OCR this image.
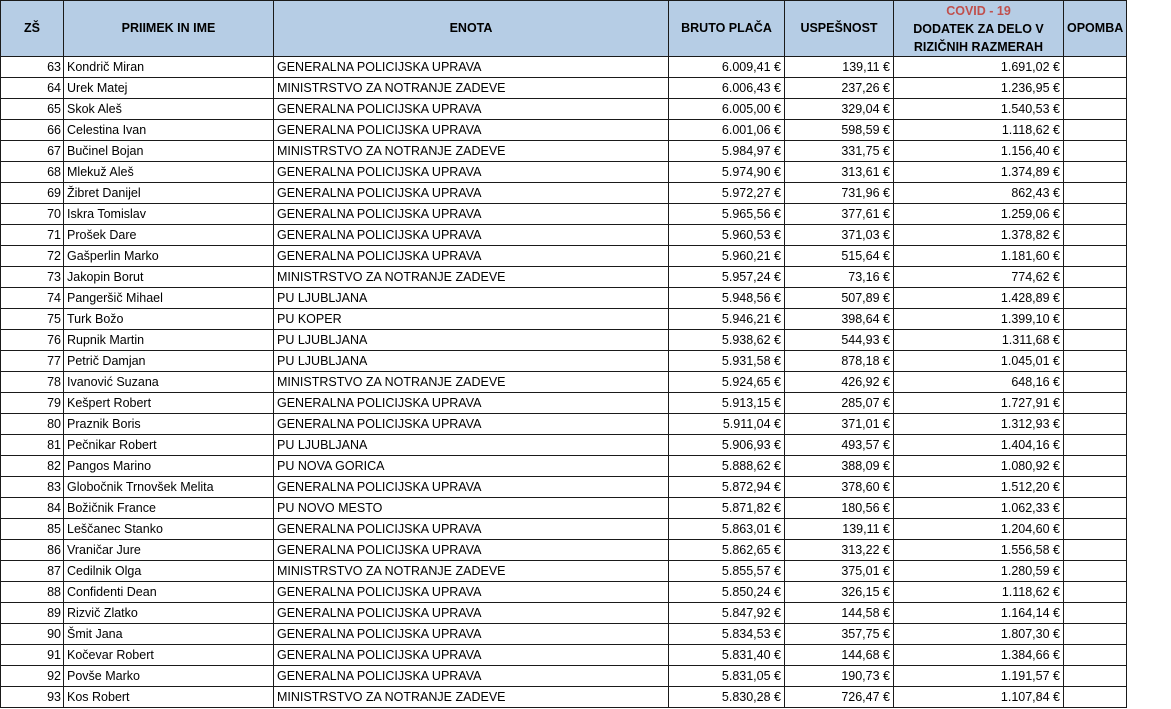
ZŠ	PRIIMEK IN IME	ENOTA	BRUTO PLAČA	USPEŠNOST	COVID - 19
DODATEK ZA DELO V
RIZIČNIH RAZMERAH	OPOMBA
63	Kondrič Miran	GENERALNA POLICIJSKA UPRAVA	6.009,41 €	139,11 €	1.691,02 €	
64	Urek Matej	MINISTRSTVO ZA NOTRANJE ZADEVE	6.006,43 €	237,26 €	1.236,95 €	
65	Skok Aleš	GENERALNA POLICIJSKA UPRAVA	6.005,00 €	329,04 €	1.540,53 €	
66	Celestina Ivan	GENERALNA POLICIJSKA UPRAVA	6.001,06 €	598,59 €	1.118,62 €	
67	Bučinel Bojan	MINISTRSTVO ZA NOTRANJE ZADEVE	5.984,97 €	331,75 €	1.156,40 €	
68	Mlekuž Aleš	GENERALNA POLICIJSKA UPRAVA	5.974,90 €	313,61 €	1.374,89 €	
69	Žibret Danijel	GENERALNA POLICIJSKA UPRAVA	5.972,27 €	731,96 €	862,43 €	
70	Iskra Tomislav	GENERALNA POLICIJSKA UPRAVA	5.965,56 €	377,61 €	1.259,06 €	
71	Prošek Dare	GENERALNA POLICIJSKA UPRAVA	5.960,53 €	371,03 €	1.378,82 €	
72	Gašperlin Marko	GENERALNA POLICIJSKA UPRAVA	5.960,21 €	515,64 €	1.181,60 €	
73	Jakopin Borut	MINISTRSTVO ZA NOTRANJE ZADEVE	5.957,24 €	73,16 €	774,62 €	
74	Pangeršič Mihael	PU LJUBLJANA	5.948,56 €	507,89 €	1.428,89 €	
75	Turk Božo	PU KOPER	5.946,21 €	398,64 €	1.399,10 €	
76	Rupnik Martin	PU LJUBLJANA	5.938,62 €	544,93 €	1.311,68 €	
77	Petrič Damjan	PU LJUBLJANA	5.931,58 €	878,18 €	1.045,01 €	
78	Ivanović Suzana	MINISTRSTVO ZA NOTRANJE ZADEVE	5.924,65 €	426,92 €	648,16 €	
79	Kešpert Robert	GENERALNA POLICIJSKA UPRAVA	5.913,15 €	285,07 €	1.727,91 €	
80	Praznik Boris	GENERALNA POLICIJSKA UPRAVA	5.911,04 €	371,01 €	1.312,93 €	
81	Pečnikar Robert	PU LJUBLJANA	5.906,93 €	493,57 €	1.404,16 €	
82	Pangos Marino	PU NOVA GORICA	5.888,62 €	388,09 €	1.080,92 €	
83	Globočnik Trnovšek Melita	GENERALNA POLICIJSKA UPRAVA	5.872,94 €	378,60 €	1.512,20 €	
84	Božičnik France	PU NOVO MESTO	5.871,82 €	180,56 €	1.062,33 €	
85	Leščanec Stanko	GENERALNA POLICIJSKA UPRAVA	5.863,01 €	139,11 €	1.204,60 €	
86	Vraničar Jure	GENERALNA POLICIJSKA UPRAVA	5.862,65 €	313,22 €	1.556,58 €	
87	Cedilnik Olga	MINISTRSTVO ZA NOTRANJE ZADEVE	5.855,57 €	375,01 €	1.280,59 €	
88	Confidenti Dean	GENERALNA POLICIJSKA UPRAVA	5.850,24 €	326,15 €	1.118,62 €	
89	Rizvič Zlatko	GENERALNA POLICIJSKA UPRAVA	5.847,92 €	144,58 €	1.164,14 €	
90	Šmit Jana	GENERALNA POLICIJSKA UPRAVA	5.834,53 €	357,75 €	1.807,30 €	
91	Kočevar Robert	GENERALNA POLICIJSKA UPRAVA	5.831,40 €	144,68 €	1.384,66 €	
92	Povše Marko	GENERALNA POLICIJSKA UPRAVA	5.831,05 €	190,73 €	1.191,57 €	
93	Kos Robert	MINISTRSTVO ZA NOTRANJE ZADEVE	5.830,28 €	726,47 €	1.107,84 €	
